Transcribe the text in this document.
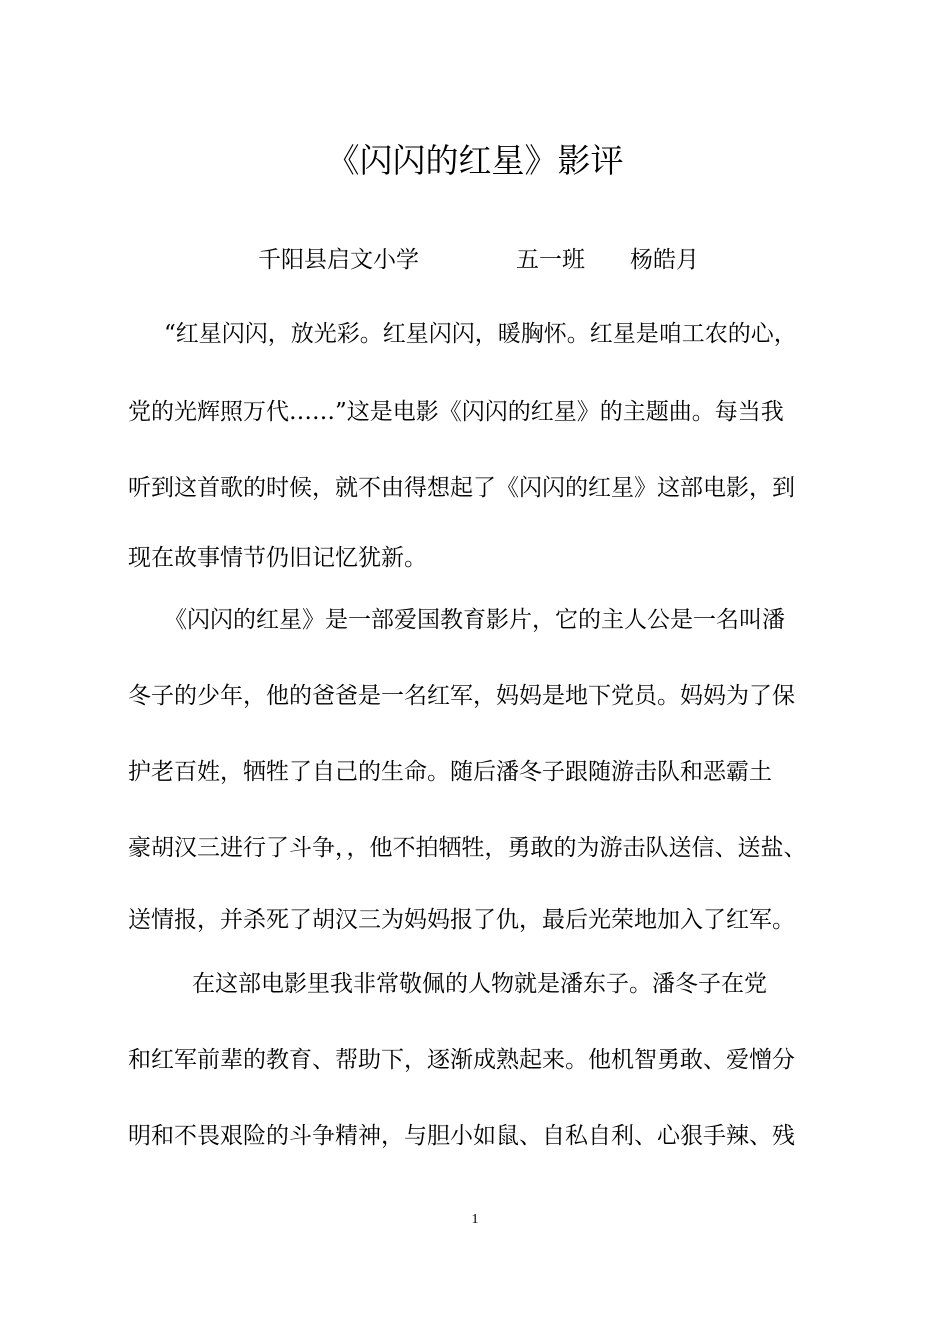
《闪闪的红星》影评
千阳县启文小学	五一班 杨皓月
“红星闪闪，放光彩。红星闪闪，暖胸怀。红星是咱工农的心，
党的光辉照万代……”这是电影《闪闪的红星》的主题曲。每当我
听到这首歌的时候，就不由得想起了《闪闪的红星》这部电影，到
现在故事情节仍旧记忆犹新。
《闪闪的红星》是一部爱国教育影片，它的主人公是一名叫潘
冬子的少年，他的爸爸是一名红军，妈妈是地下党员。妈妈为了保
护老百姓，牺牲了自己的生命。随后潘冬子跟随游击队和恶霸土
豪胡汉三进行了斗争，，他不拍牺牲，勇敢的为游击队送信、送盐、
送情报，并杀死了胡汉三为妈妈报了仇，最后光荣地加入了红军。
在这部电影里我非常敬佩的人物就是潘东子。潘冬子在党
和红军前辈的教育、帮助下，逐渐成熟起来。他机智勇敢、爱憎分
明和不畏艰险的斗争精神，与胆小如鼠、自私自利、心狠手辣、残
1
